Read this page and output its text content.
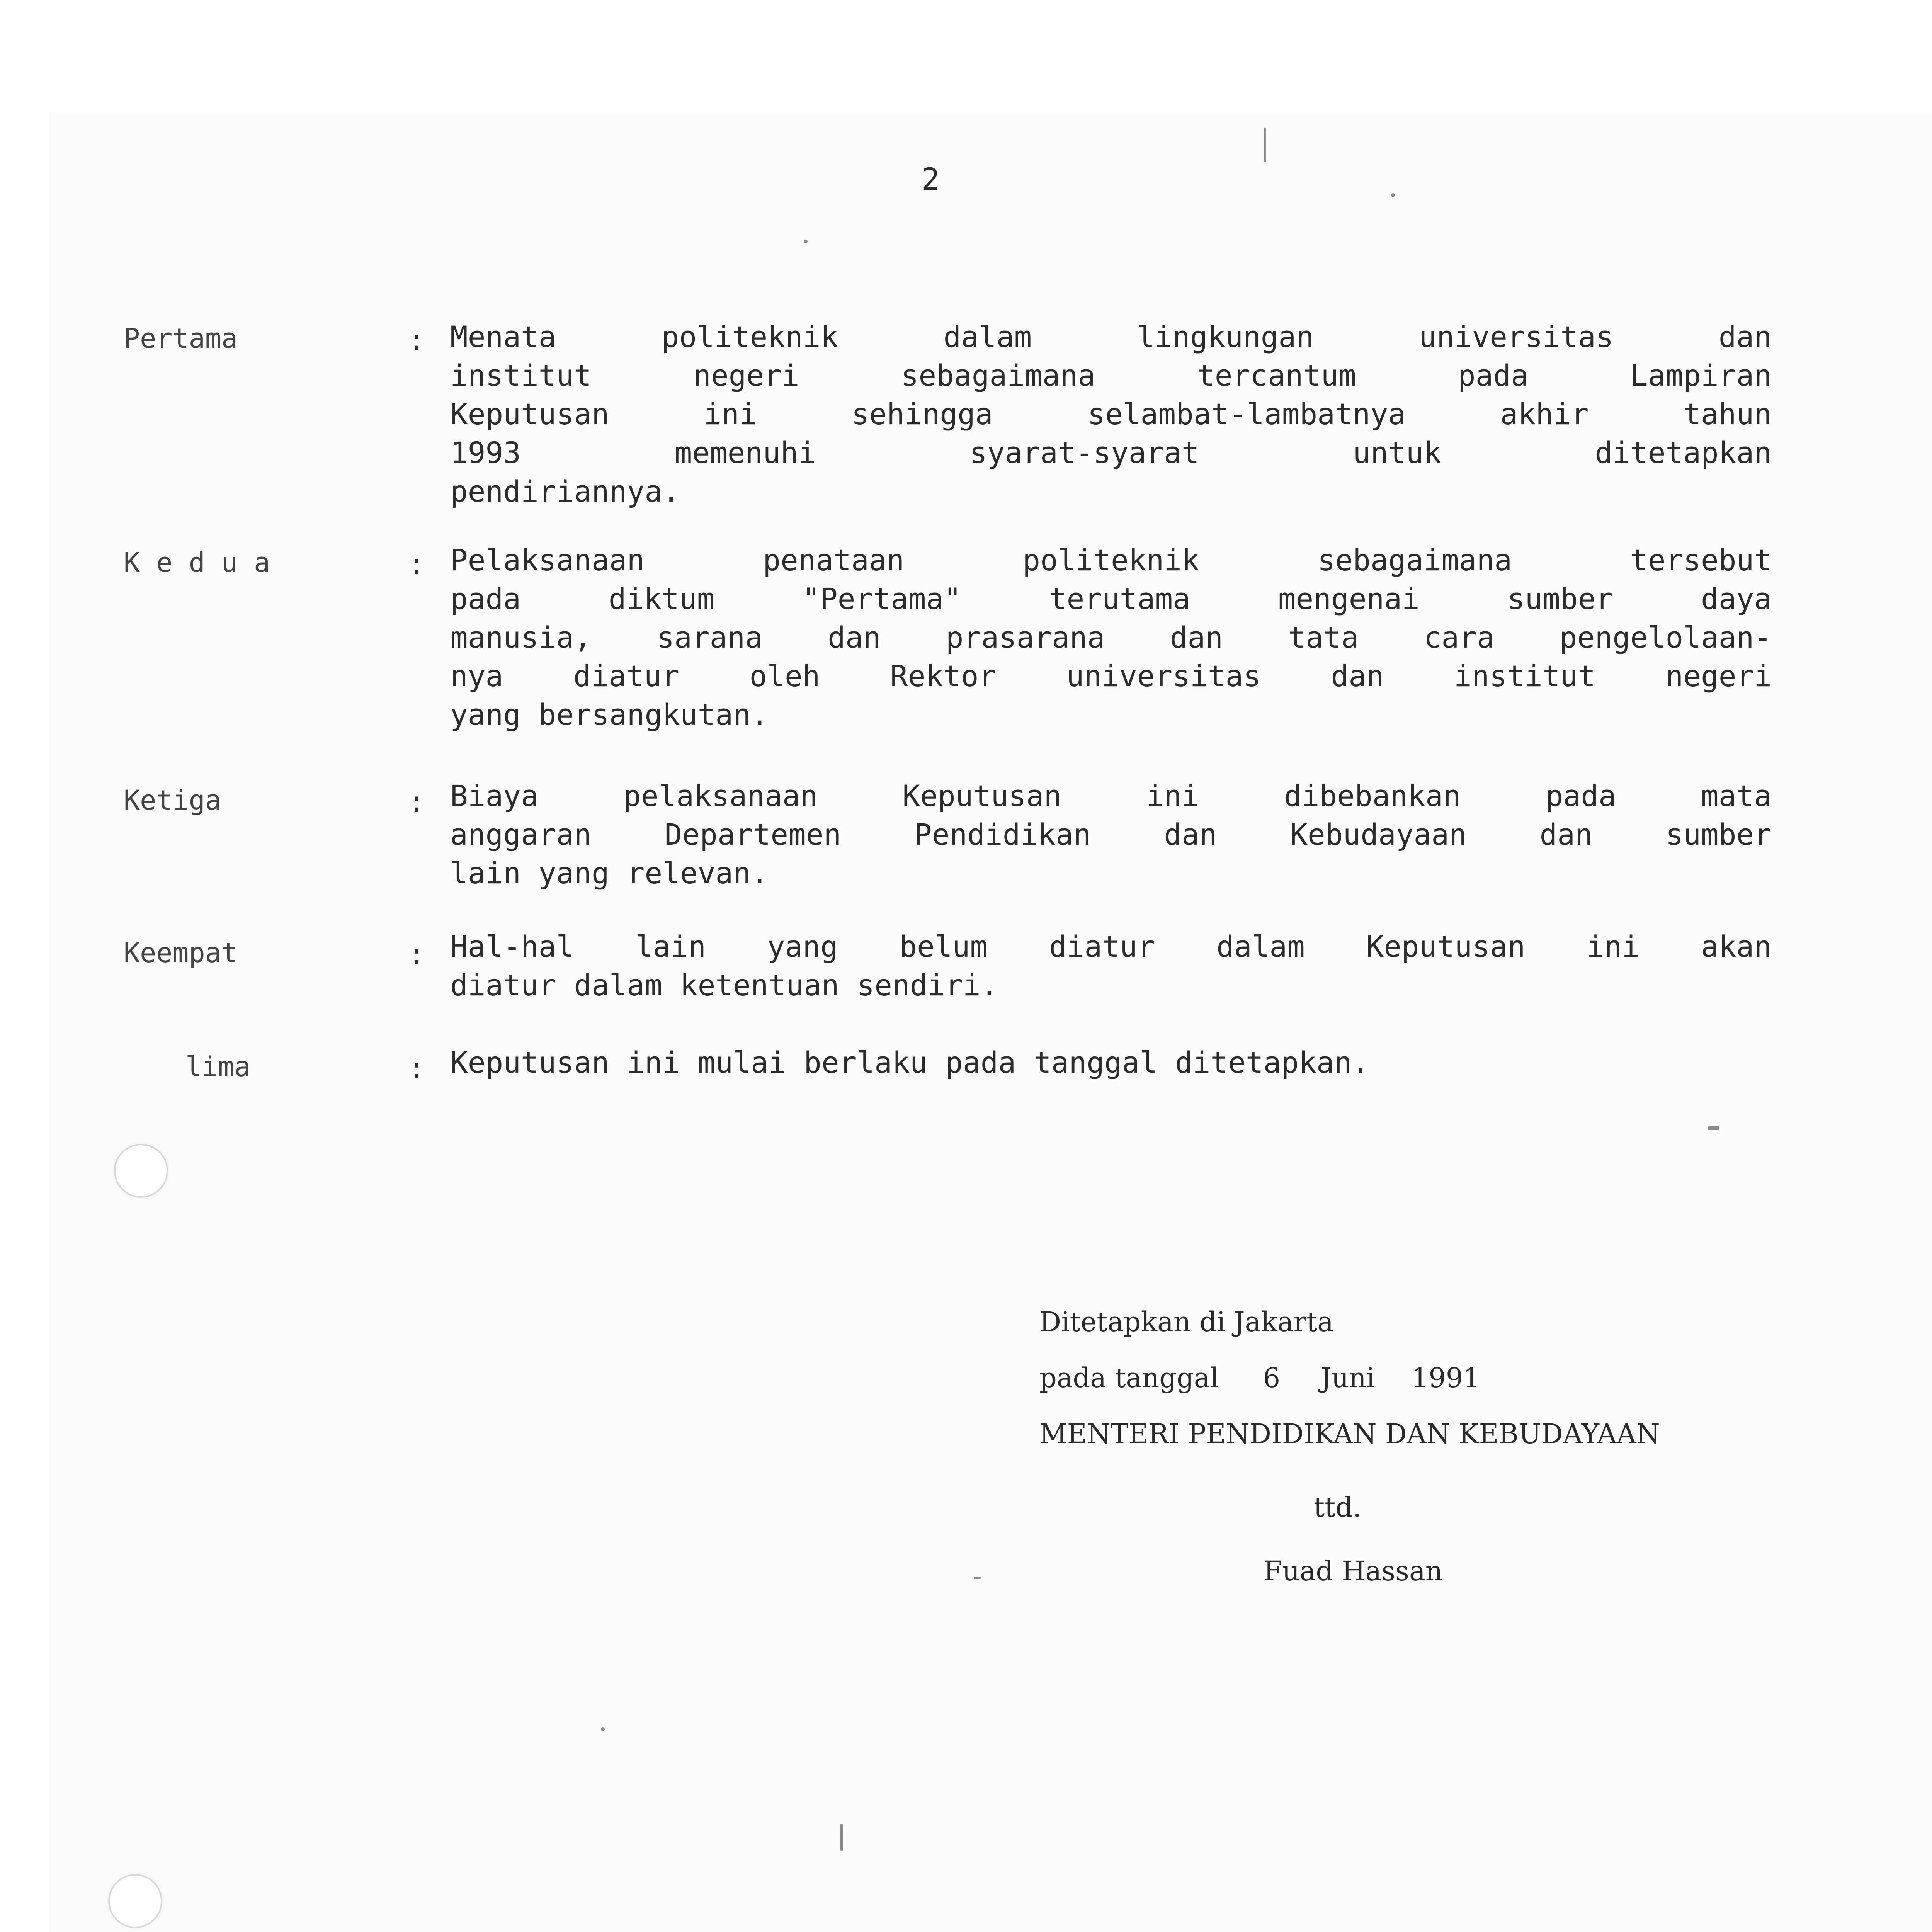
2
Pertama	: Menata politeknik dalam lingkungan universitas dan
institut negeri sebagaimana tercantum pada Lampiran
Keputusan ini sehingga selambat-lambatnya akhir tahun
1993 memenuhi syarat-syarat untuk ditetapkan
pendiriannya.
K e d u a	: Pelaksanaan penataan politeknik sebagaimana tersebut
pada diktum "Pertama" terutama mengenai sumber daya
manusia, sarana dan prasarana dan tata cara pengelolaan-
nya diatur oleh Rektor universitas dan institut negeri
yang bersangkutan.
Ketiga	: Biaya pelaksanaan Keputusan ini dibebankan pada mata
anggaran Departemen Pendidikan dan Kebudayaan dan sumber
lain yang relevan.
Keempat	: Hal-hal lain yang belum diatur dalam Keputusan ini akan
diatur dalam ketentuan sendiri.
lima	: Keputusan ini mulai berlaku pada tanggal ditetapkan.
Ditetapkan di Jakarta
pada tanggal 6 Juni 1991
MENTERI PENDIDIKAN DAN KEBUDAYAAN
ttd.
Fuad Hassan
